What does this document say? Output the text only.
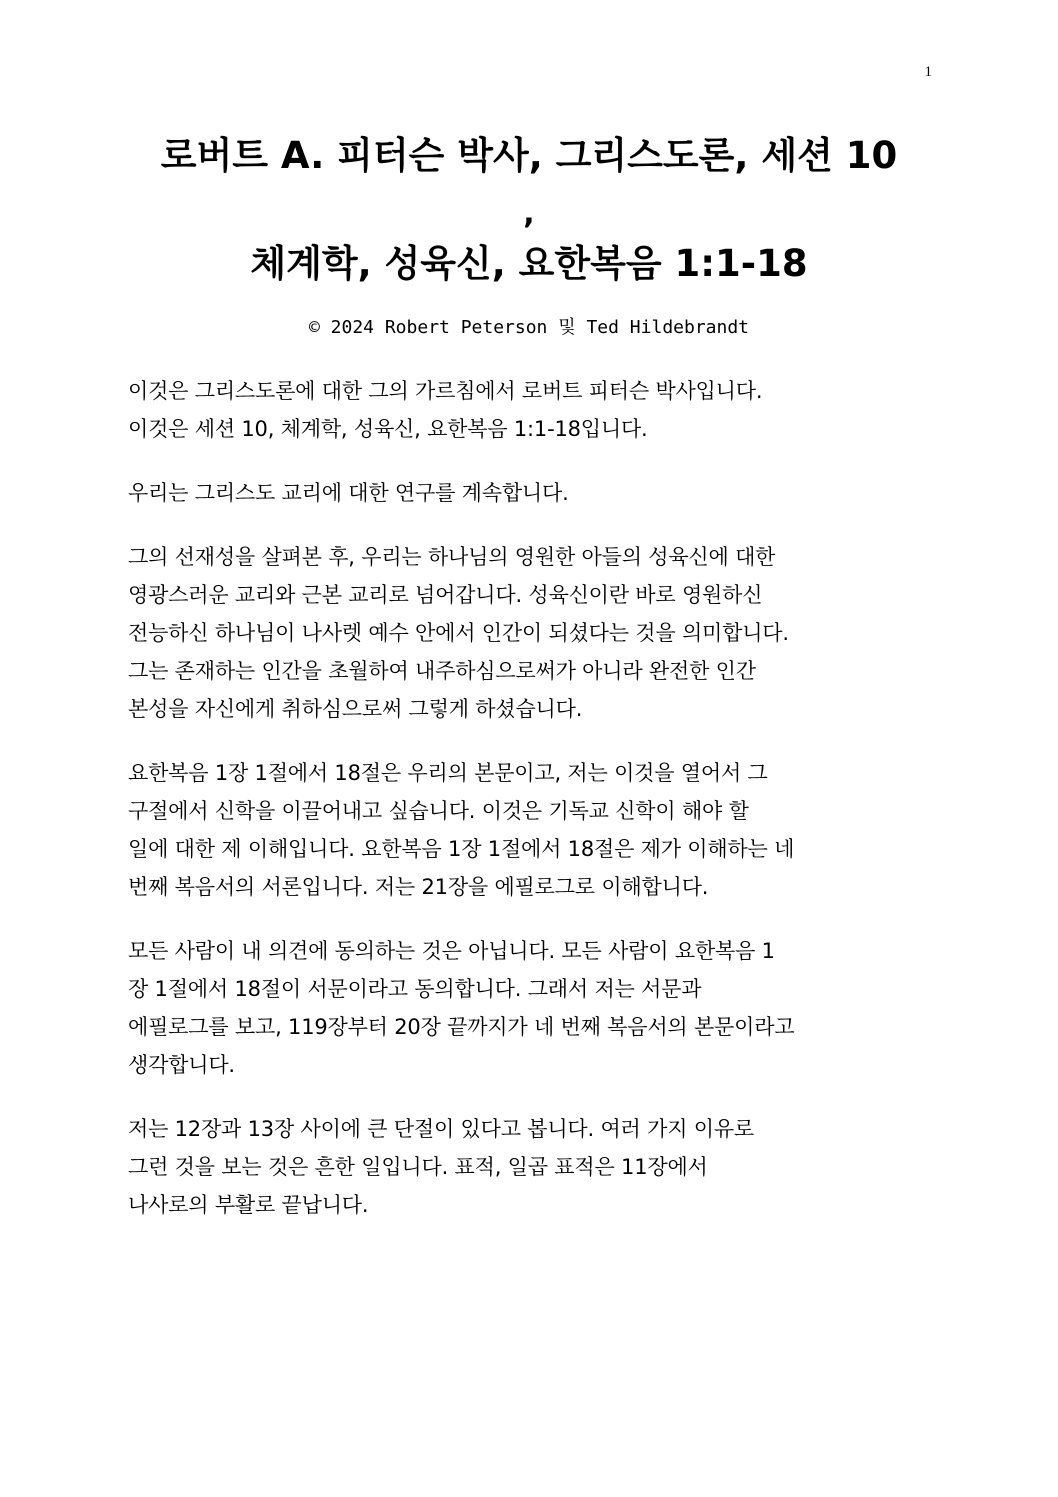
1
로버트 A. 피터슨 박사, 그리스도론, 세션 10
,
체계학, 성육신, 요한복음 1:1-18
© 2024 Robert Peterson 및 Ted Hildebrandt
이것은 그리스도론에 대한 그의 가르침에서 로버트 피터슨 박사입니다.
이것은 세션 10, 체계학, 성육신, 요한복음 1:1-18입니다.
우리는 그리스도 교리에 대한 연구를 계속합니다.
그의 선재성을 살펴본 후, 우리는 하나님의 영원한 아들의 성육신에 대한
영광스러운 교리와 근본 교리로 넘어갑니다. 성육신이란 바로 영원하신
전능하신 하나님이 나사렛 예수 안에서 인간이 되셨다는 것을 의미합니다.
그는 존재하는 인간을 초월하여 내주하심으로써가 아니라 완전한 인간
본성을 자신에게 취하심으로써 그렇게 하셨습니다.
요한복음 1장 1절에서 18절은 우리의 본문이고, 저는 이것을 열어서 그
구절에서 신학을 이끌어내고 싶습니다. 이것은 기독교 신학이 해야 할
일에 대한 제 이해입니다. 요한복음 1장 1절에서 18절은 제가 이해하는 네
번째 복음서의 서론입니다. 저는 21장을 에필로그로 이해합니다.
모든 사람이 내 의견에 동의하는 것은 아닙니다. 모든 사람이 요한복음 1
장 1절에서 18절이 서문이라고 동의합니다. 그래서 저는 서문과
에필로그를 보고, 119장부터 20장 끝까지가 네 번째 복음서의 본문이라고
생각합니다.
저는 12장과 13장 사이에 큰 단절이 있다고 봅니다. 여러 가지 이유로
그런 것을 보는 것은 흔한 일입니다. 표적, 일곱 표적은 11장에서
나사로의 부활로 끝납니다.
